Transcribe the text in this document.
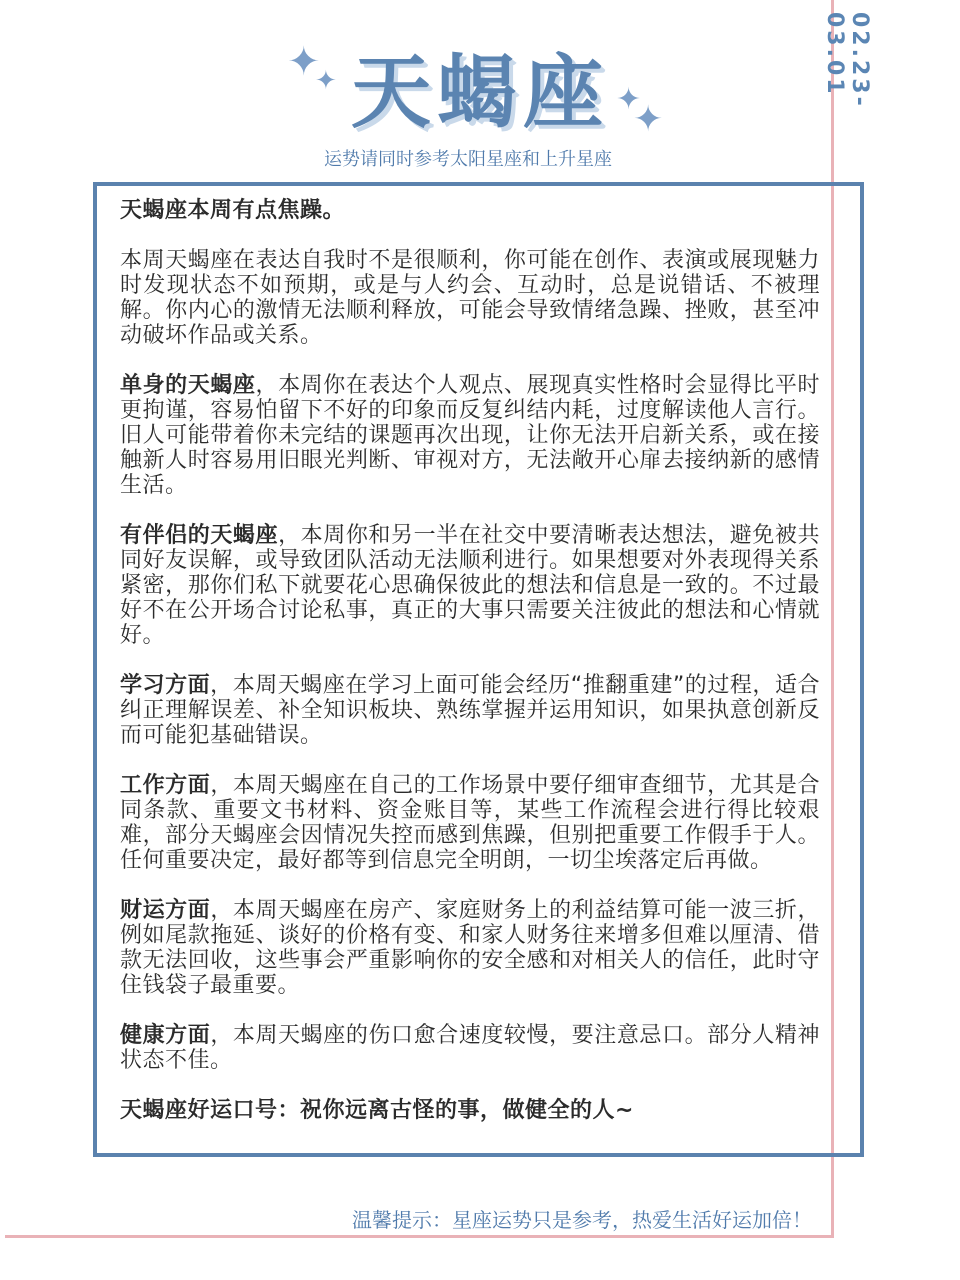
02.23-03.01
✦
✦
✦
✦
天蝎座
运势请同时参考太阳星座和上升星座

天蝎座本周有点焦躁。

本周天蝎座在表达自我时不是很顺利，你可能在创作、表演或展现魅力时发现状态不如预期，或是与人约会、互动时，总是说错话、不被理解。你内心的激情无法顺利释放，可能会导致情绪急躁、挫败，甚至冲动破坏作品或关系。

单身的天蝎座，本周你在表达个人观点、展现真实性格时会显得比平时更拘谨，容易怕留下不好的印象而反复纠结内耗，过度解读他人言行。旧人可能带着你未完结的课题再次出现，让你无法开启新关系，或在接触新人时容易用旧眼光判断、审视对方，无法敞开心扉去接纳新的感情生活。

有伴侣的天蝎座，本周你和另一半在社交中要清晰表达想法，避免被共同好友误解，或导致团队活动无法顺利进行。如果想要对外表现得关系紧密，那你们私下就要花心思确保彼此的想法和信息是一致的。不过最好不在公开场合讨论私事，真正的大事只需要关注彼此的想法和心情就好。

学习方面，本周天蝎座在学习上面可能会经历“推翻重建”的过程，适合纠正理解误差、补全知识板块、熟练掌握并运用知识，如果执意创新反而可能犯基础错误。

工作方面，本周天蝎座在自己的工作场景中要仔细审查细节，尤其是合同条款、重要文书材料、资金账目等，某些工作流程会进行得比较艰难，部分天蝎座会因情况失控而感到焦躁，但别把重要工作假手于人。任何重要决定，最好都等到信息完全明朗，一切尘埃落定后再做。

财运方面，本周天蝎座在房产、家庭财务上的利益结算可能一波三折，例如尾款拖延、谈好的价格有变、和家人财务往来增多但难以厘清、借款无法回收，这些事会严重影响你的安全感和对相关人的信任，此时守住钱袋子最重要。

健康方面，本周天蝎座的伤口愈合速度较慢，要注意忌口。部分人精神状态不佳。

天蝎座好运口号：祝你远离古怪的事，做健全的人~

温馨提示：星座运势只是参考，热爱生活好运加倍！
